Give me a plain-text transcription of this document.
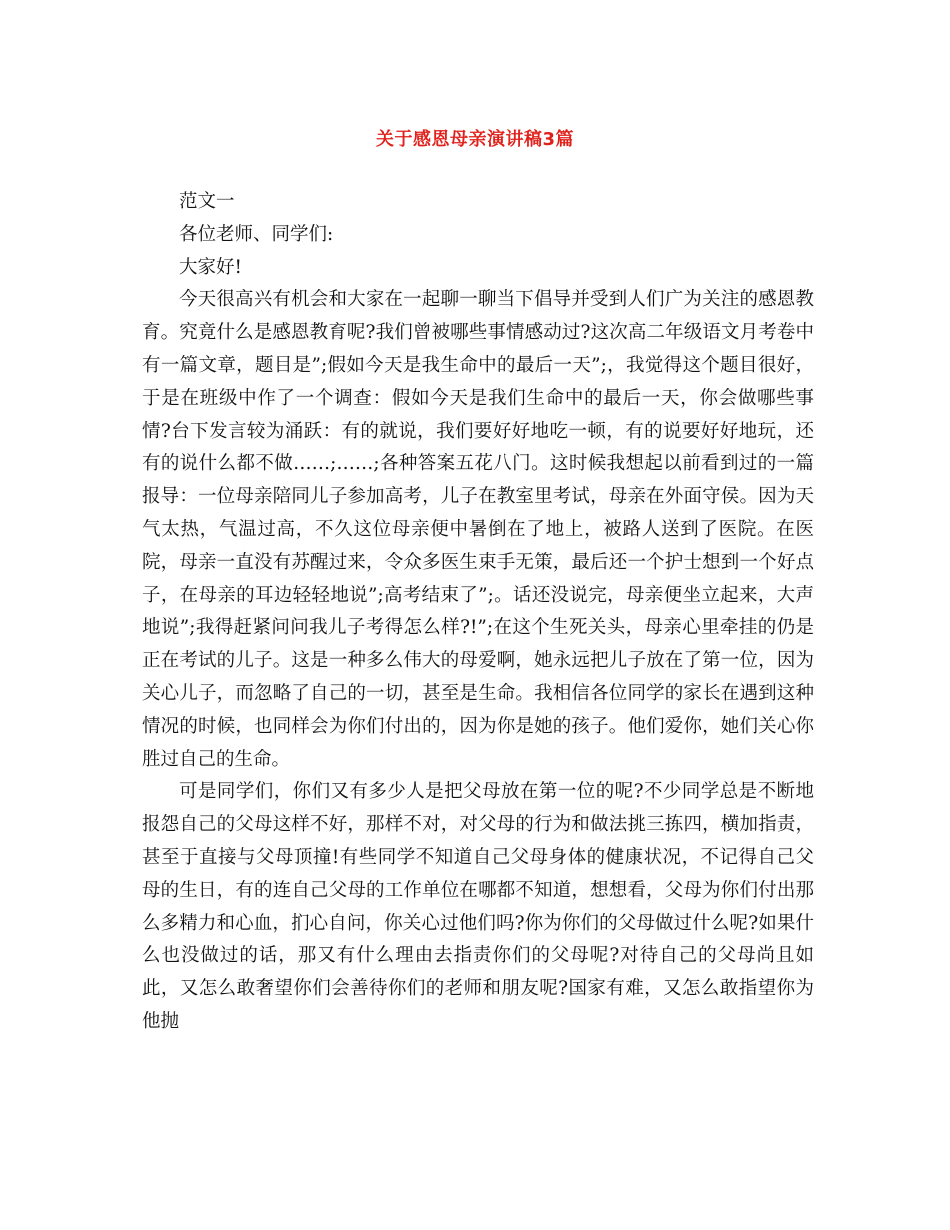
关于感恩母亲演讲稿3篇

范文一

各位老师、同学们:

大家好!

今天很高兴有机会和大家在一起聊一聊当下倡导并受到人们广为关注的感恩教育。究竟什么是感恩教育呢?我们曾被哪些事情感动过?这次高二年级语文月考卷中有一篇文章，题目是”;假如今天是我生命中的最后一天”;，我觉得这个题目很好，于是在班级中作了一个调查：假如今天是我们生命中的最后一天，你会做哪些事情?台下发言较为涌跃：有的就说，我们要好好地吃一顿，有的说要好好地玩，还有的说什么都不做……;……;各种答案五花八门。这时候我想起以前看到过的一篇报导：一位母亲陪同儿子参加高考，儿子在教室里考试，母亲在外面守侯。因为天气太热，气温过高，不久这位母亲便中暑倒在了地上，被路人送到了医院。在医院，母亲一直没有苏醒过来，令众多医生束手无策，最后还一个护士想到一个好点子，在母亲的耳边轻轻地说”;高考结束了”;。话还没说完，母亲便坐立起来，大声地说”;我得赶紧问问我儿子考得怎么样?!”;在这个生死关头，母亲心里牵挂的仍是正在考试的儿子。这是一种多么伟大的母爱啊，她永远把儿子放在了第一位，因为关心儿子，而忽略了自己的一切，甚至是生命。我相信各位同学的家长在遇到这种情况的时候，也同样会为你们付出的，因为你是她的孩子。他们爱你，她们关心你胜过自己的生命。

可是同学们，你们又有多少人是把父母放在第一位的呢?不少同学总是不断地报怨自己的父母这样不好，那样不对，对父母的行为和做法挑三拣四，横加指责，甚至于直接与父母顶撞!有些同学不知道自己父母身体的健康状况，不记得自己父母的生日，有的连自己父母的工作单位在哪都不知道，想想看，父母为你们付出那么多精力和心血，扪心自问，你关心过他们吗?你为你们的父母做过什么呢?如果什么也没做过的话，那又有什么理由去指责你们的父母呢?对待自己的父母尚且如此，又怎么敢奢望你们会善待你们的老师和朋友呢?国家有难，又怎么敢指望你为他抛
